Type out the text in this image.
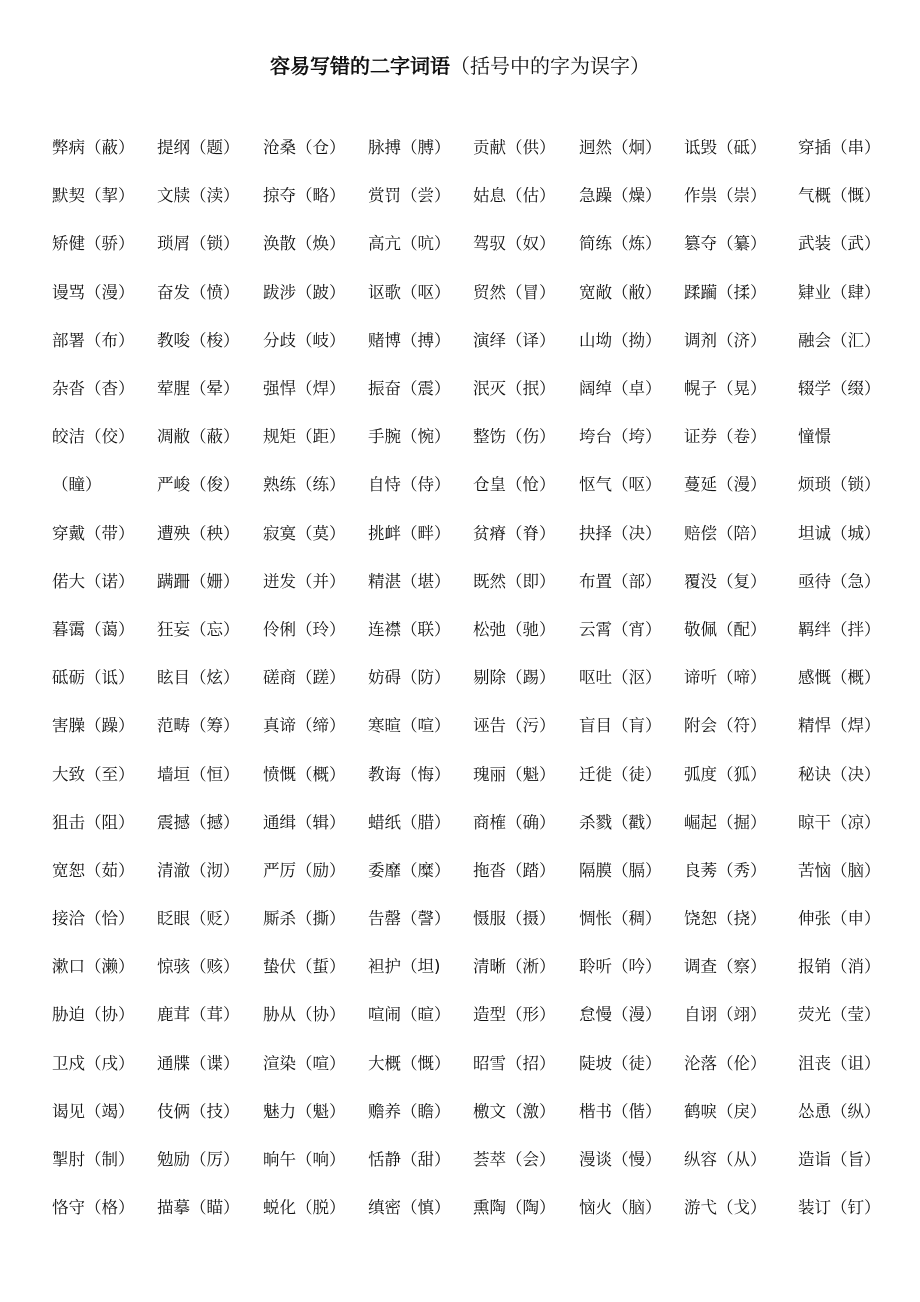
容易写错的二字词语（括号中的字为误字）
弊病（蔽） 提纲（题） 沧桑（仓） 脉搏（膊） 贡献（供） 迥然（炯） 诋毁（砥） 穿插（串）
默契（挈） 文牍（渎） 掠夺（略） 赏罚（尝） 姑息（估） 急躁（燥） 作祟（崇） 气概（慨）
矫健（骄） 琐屑（锁） 涣散（焕） 高亢（吭） 驾驭（奴） 简练（炼） 篡夺（纂） 武装（武）
谩骂（漫） 奋发（愤） 跋涉（跛） 讴歌（呕） 贸然（冒） 宽敞（敝） 蹂躏（揉） 肄业（肆）
部署（布） 教唆（梭） 分歧（岐） 赌博（搏） 演绎（译） 山坳（拗） 调剂（济） 融会（汇）
杂沓（杳） 荤腥（晕） 强悍（焊） 振奋（震） 泯灭（抿） 阔绰（卓） 幌子（晃） 辍学（缀）
皎洁（佼） 凋敝（蔽） 规矩（距） 手腕（惋） 整饬（伤） 垮台（垮） 证券（卷） 憧憬
（瞳）	严峻（俊） 熟练（练） 自恃（侍） 仓皇（怆） 怄气（呕） 蔓延（漫） 烦琐（锁）
穿戴（带） 遭殃（秧） 寂寞（莫） 挑衅（畔） 贫瘠（脊） 抉择（决） 赔偿（陪） 坦诚（城）
偌大（诺） 蹒跚（姗） 迸发（并） 精湛（堪） 既然（即） 布置（部） 覆没（复） 亟待（急）
暮霭（蔼） 狂妄（忘） 伶俐（玲） 连襟（联） 松弛（驰） 云霄（宵） 敬佩（配） 羁绊（拌）
砥砺（诋） 眩目（炫） 磋商（蹉） 妨碍（防） 剔除（踢） 呕吐（沤） 谛听（啼） 感慨（概）
害臊（躁） 范畴（筹） 真谛（缔） 寒暄（喧） 诬告（污） 盲目（肓） 附会（符） 精悍（焊）
大致（至） 墙垣（恒） 愤慨（概） 教诲（悔） 瑰丽（魁） 迁徙（徒） 弧度（狐） 秘诀（决）
狙击（阻） 震撼（撼） 通缉（辑） 蜡纸（腊） 商榷（确） 杀戮（戳） 崛起（掘） 晾干（凉）
宽恕（茹） 清澈（沏） 严厉（励） 委靡（糜） 拖沓（踏） 隔膜（膈） 良莠（秀） 苦恼（脑）
接洽（恰） 眨眼（贬） 厮杀（撕） 告罄（謦） 慑服（摄） 惆怅（稠） 饶恕（挠） 伸张（申）
漱口（濑） 惊骇（赅） 蛰伏（蜇） 袒护（坦) 清晰（淅） 聆听（吟） 调查（察） 报销（消）
胁迫（协） 鹿茸（茸） 胁从（协） 喧闹（暄） 造型（形） 怠慢（漫） 自诩（翊） 荧光（莹）
卫戍（戌） 通牒（谍） 渲染（喧） 大概（慨） 昭雪（招） 陡坡（徒） 沦落（伦） 沮丧（诅）
谒见（竭） 伎俩（技） 魅力（魁） 赡养（瞻） 檄文（激） 楷书（偕） 鹤唳（戾） 怂恿（纵）
掣肘（制） 勉励（厉） 晌午（响） 恬静（甜） 荟萃（会） 漫谈（慢） 纵容（从） 造诣（旨）
恪守（格） 描摹（瞄） 蜕化（脱） 缜密（慎） 熏陶（陶） 恼火（脑） 游弋（戈） 装订（钉）
